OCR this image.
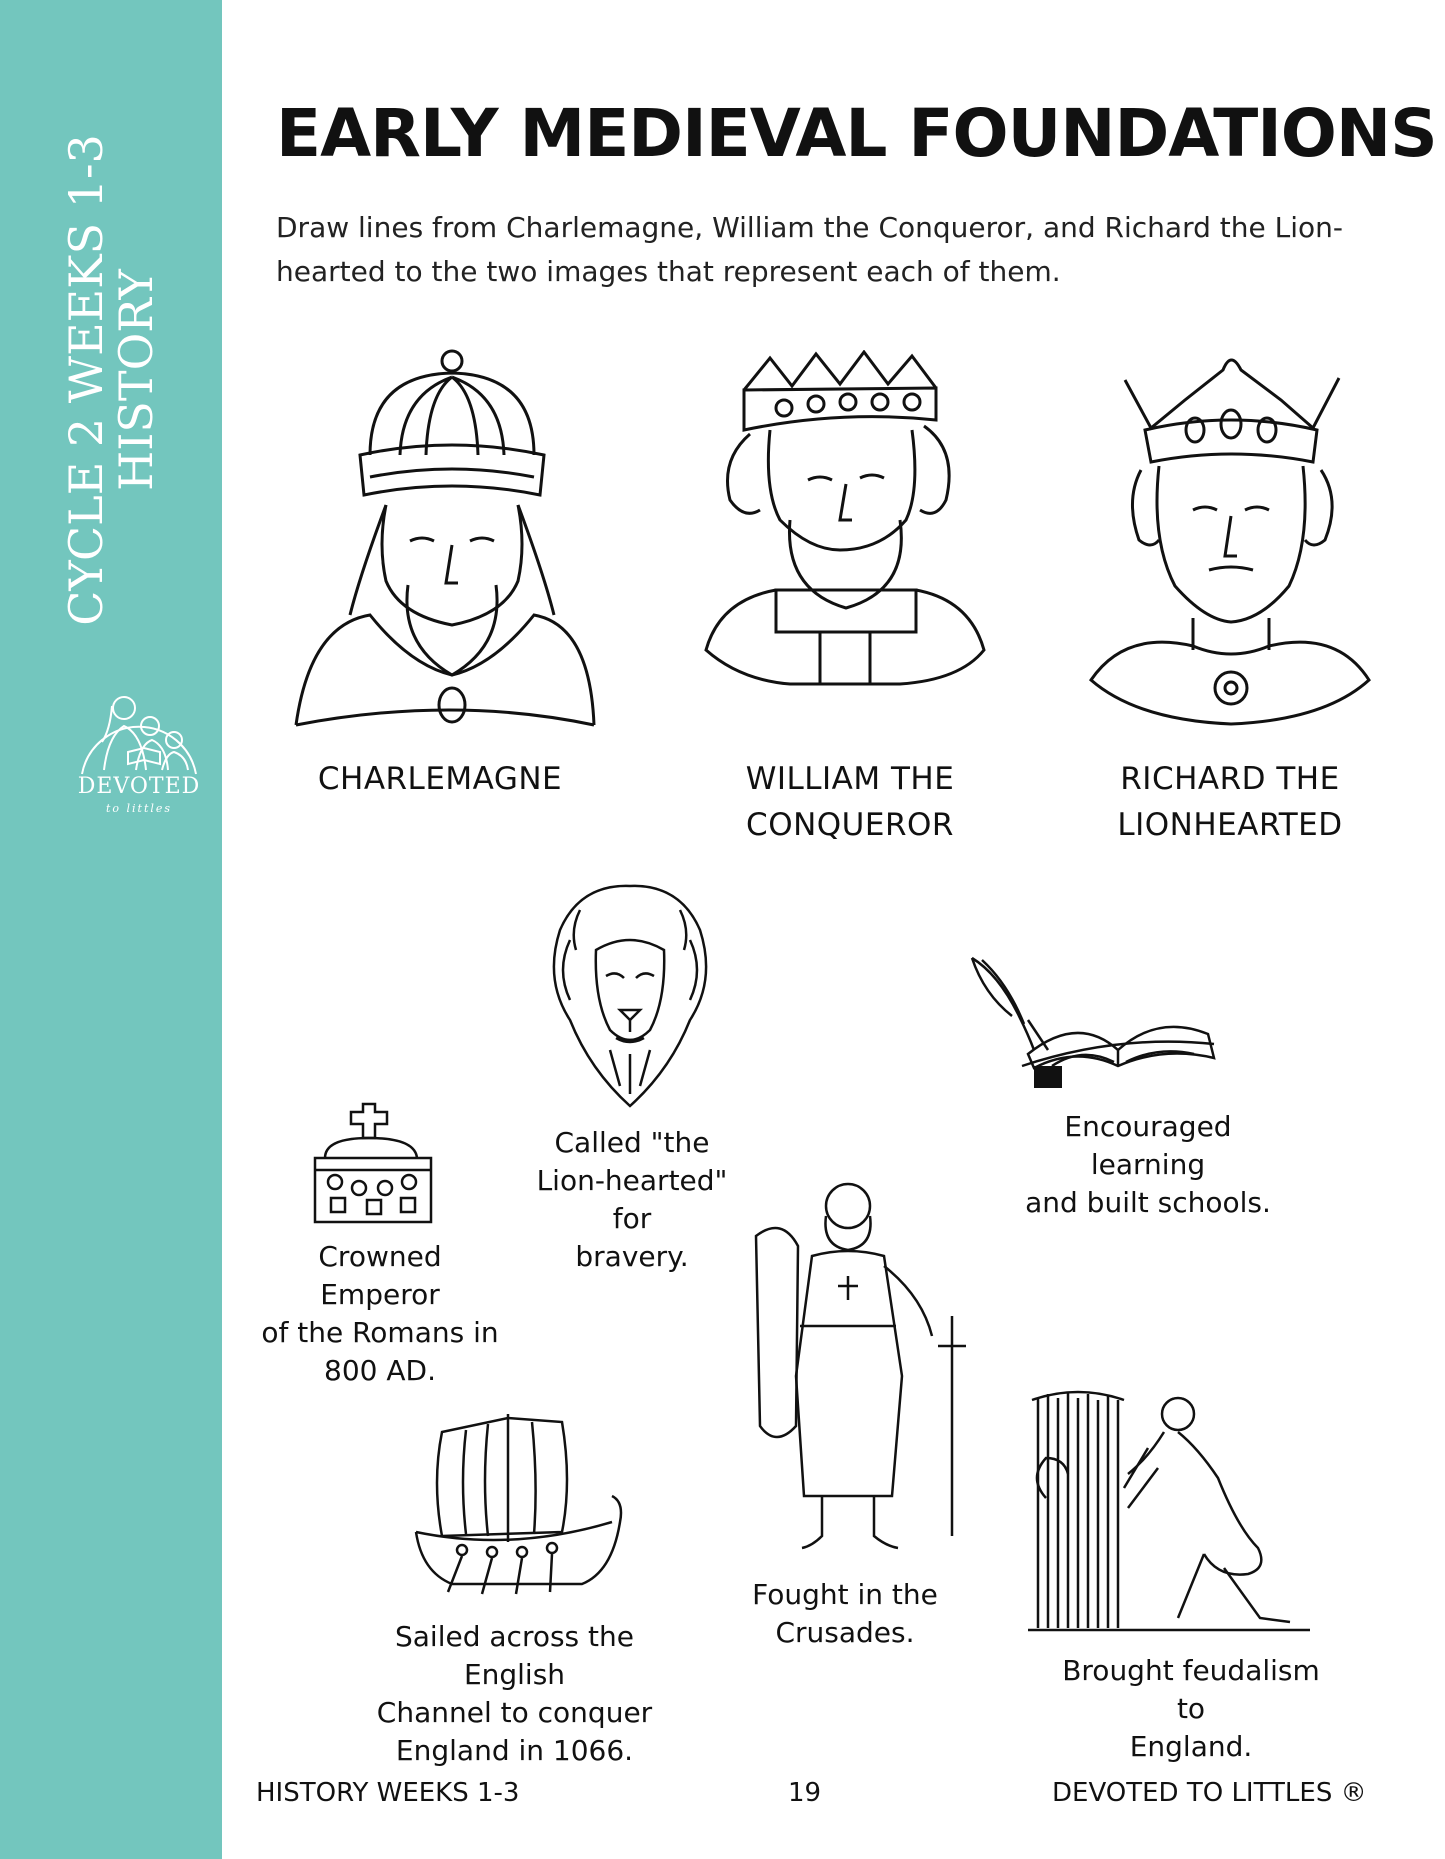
CYCLE 2 WEEKS 1-3
HISTORY
DEVOTED
to littles
EARLY MEDIEVAL FOUNDATIONS
Draw lines from Charlemagne, William the Conqueror, and Richard the Lion-hearted to the two images that represent each of them.
CHARLEMAGNE	WILLIAM THE
CONQUEROR
RICHARD THE
LIONHEARTED
Called "the
Lion-hearted" for
bravery.
Encouraged learning
and built schools.
Crowned Emperor
of the Romans in
800 AD.
Fought in the
Crusades.
Sailed across the English
Channel to conquer
England in 1066.
Brought feudalism to
England.
HISTORY WEEKS 1-3	19	DEVOTED TO LITTLES ®
